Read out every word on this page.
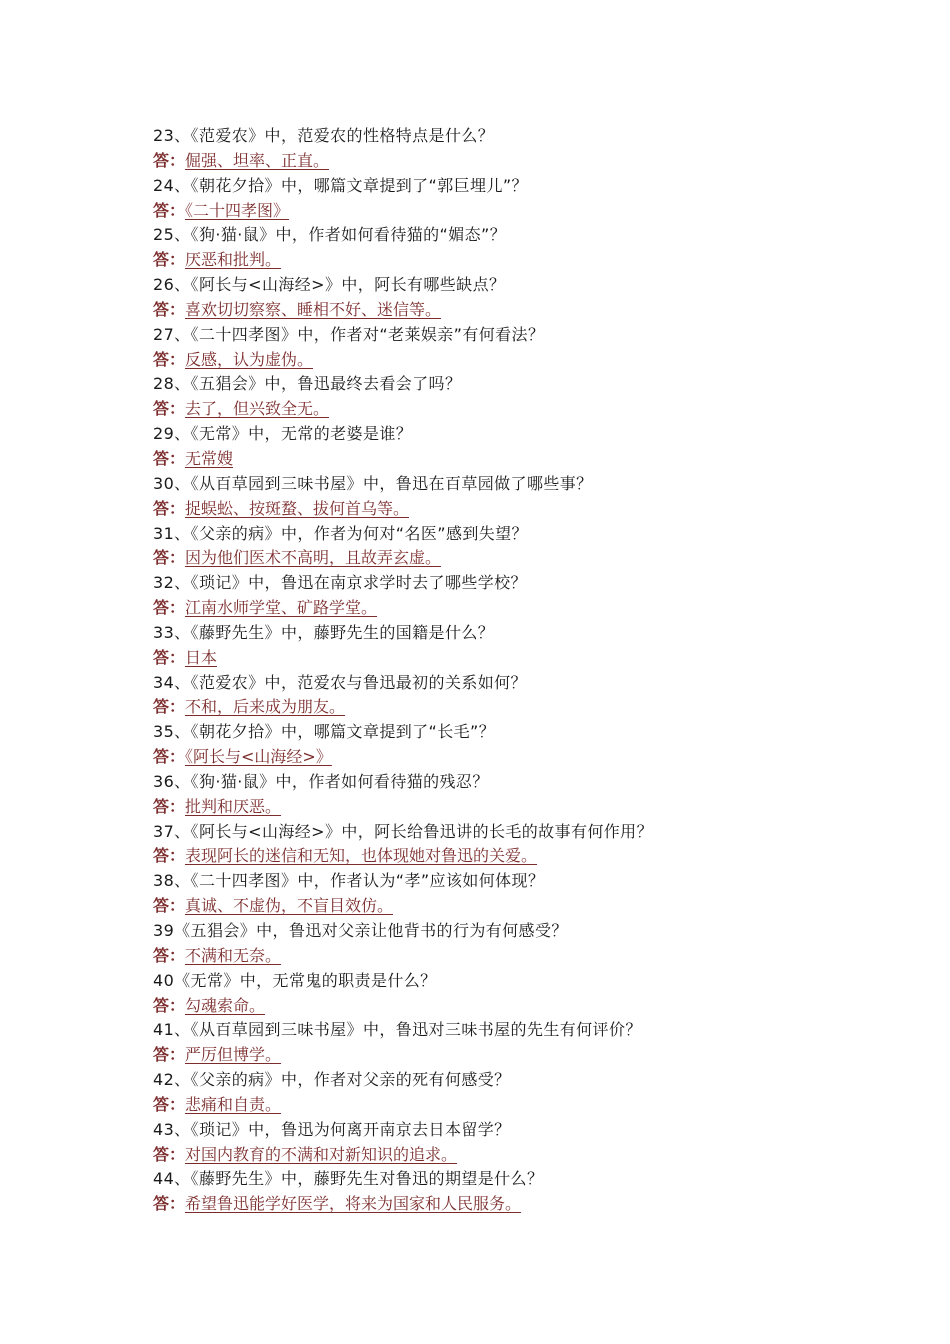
23、《范爱农》中，范爱农的性格特点是什么？
答：倔强、坦率、正直。
24、《朝花夕拾》中，哪篇文章提到了“郭巨埋儿”？
答：《二十四孝图》
25、《狗·猫·鼠》中，作者如何看待猫的“媚态”？
答：厌恶和批判。
26、《阿长与<山海经>》中，阿长有哪些缺点？
答：喜欢切切察察、睡相不好、迷信等。
27、《二十四孝图》中，作者对“老莱娱亲”有何看法？
答：反感，认为虚伪。
28、《五猖会》中，鲁迅最终去看会了吗？
答：去了，但兴致全无。
29、《无常》中，无常的老婆是谁？
答：无常嫂
30、《从百草园到三味书屋》中，鲁迅在百草园做了哪些事？
答：捉蜈蚣、按斑蝥、拔何首乌等。
31、《父亲的病》中，作者为何对“名医”感到失望？
答：因为他们医术不高明，且故弄玄虚。
32、《琐记》中，鲁迅在南京求学时去了哪些学校？
答：江南水师学堂、矿路学堂。
33、《藤野先生》中，藤野先生的国籍是什么？
答：日本
34、《范爱农》中，范爱农与鲁迅最初的关系如何？
答：不和，后来成为朋友。
35、《朝花夕拾》中，哪篇文章提到了“长毛”？
答：《阿长与<山海经>》
36、《狗·猫·鼠》中，作者如何看待猫的残忍？
答：批判和厌恶。
37、《阿长与<山海经>》中，阿长给鲁迅讲的长毛的故事有何作用？
答：表现阿长的迷信和无知，也体现她对鲁迅的关爱。
38、《二十四孝图》中，作者认为“孝”应该如何体现？
答：真诚、不虚伪，不盲目效仿。
39《五猖会》中，鲁迅对父亲让他背书的行为有何感受？
答：不满和无奈。
40《无常》中，无常鬼的职责是什么？
答：勾魂索命。
41、《从百草园到三味书屋》中，鲁迅对三味书屋的先生有何评价？
答：严厉但博学。
42、《父亲的病》中，作者对父亲的死有何感受？
答：悲痛和自责。
43、《琐记》中，鲁迅为何离开南京去日本留学？
答：对国内教育的不满和对新知识的追求。
44、《藤野先生》中，藤野先生对鲁迅的期望是什么？
答：希望鲁迅能学好医学，将来为国家和人民服务。
